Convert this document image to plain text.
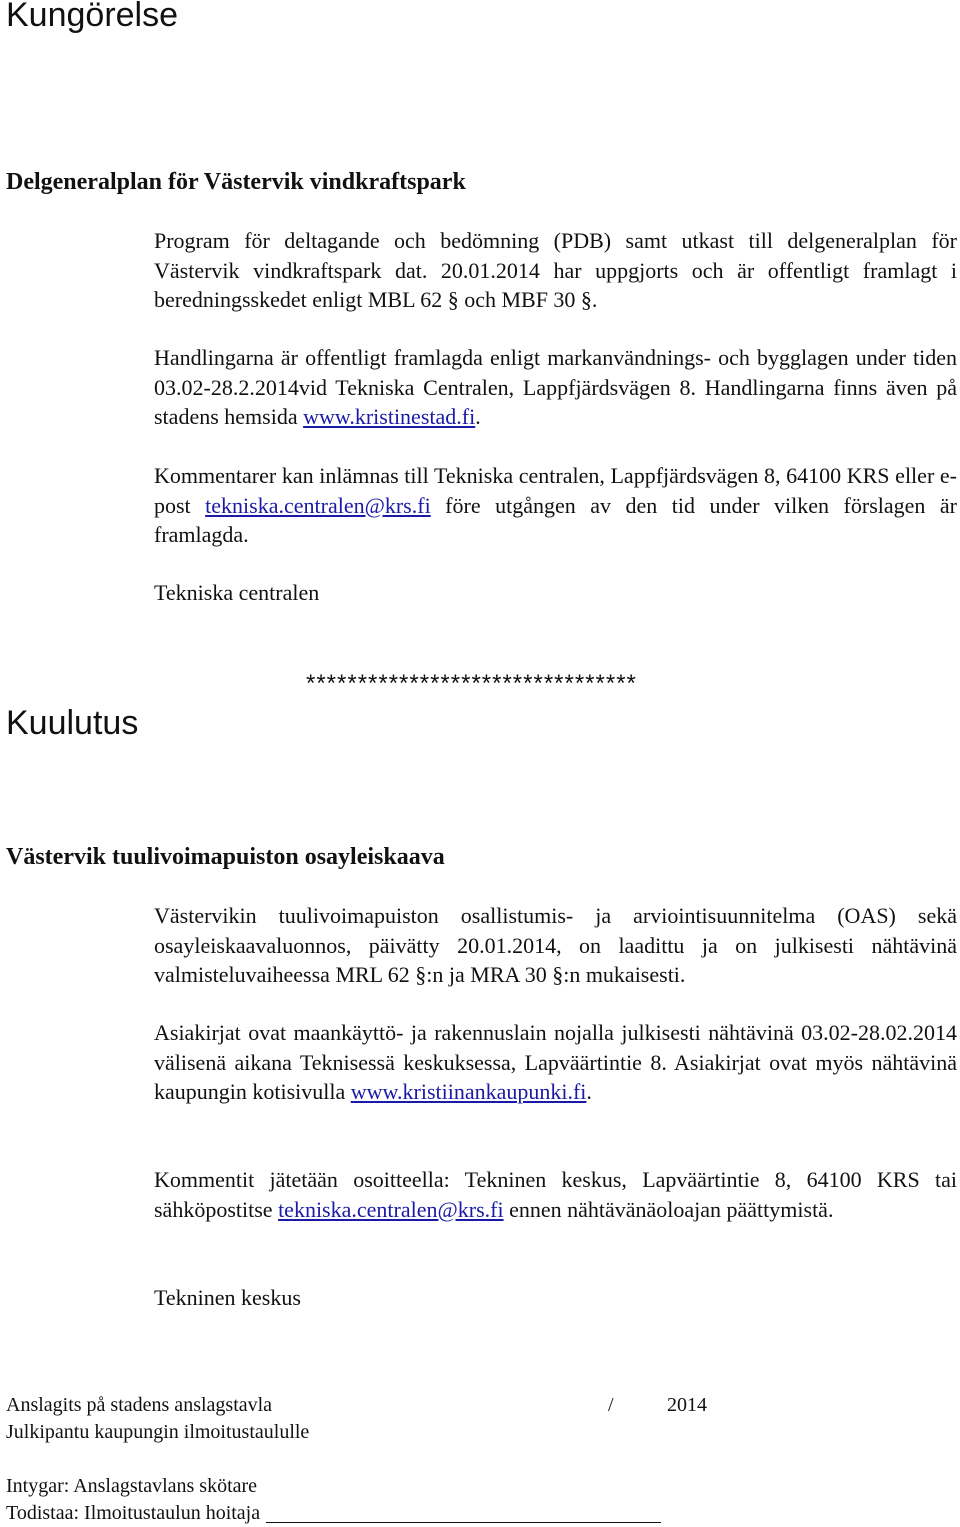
Kungörelse
Delgeneralplan för Västervik vindkraftspark
Program för deltagande och bedömning (PDB) samt utkast till delgeneralplan för Västervik vindkraftspark dat. 20.01.2014 har uppgjorts och är offentligt framlagt i beredningsskedet enligt MBL 62 § och MBF 30 §.
Handlingarna är offentligt framlagda enligt markanvändnings- och bygglagen under tiden 03.02-28.2.2014vid Tekniska Centralen, Lappfjärdsvägen 8. Handlingarna finns även på stadens hemsida www.kristinestad.fi.
Kommentarer kan inlämnas till Tekniska centralen, Lappfjärdsvägen 8, 64100 KRS eller e-post tekniska.centralen@krs.fi före utgången av den tid under vilken förslagen är framlagda.
Tekniska centralen
********************************
Kuulutus
Västervik tuulivoimapuiston osayleiskaava
Västervikin tuulivoimapuiston osallistumis- ja arviointisuunnitelma (OAS) sekä osayleiskaavaluonnos, päivätty 20.01.2014, on laadittu ja on julkisesti nähtävinä valmisteluvaiheessa MRL 62 §:n ja MRA 30 §:n mukaisesti.
Asiakirjat ovat maankäyttö- ja rakennuslain nojalla julkisesti nähtävinä 03.02-28.02.2014 välisenä aikana Teknisessä keskuksessa, Lapväärtintie 8. Asiakirjat ovat myös nähtävinä kaupungin kotisivulla www.kristiinankaupunki.fi.
Kommentit jätetään osoitteella: Tekninen keskus, Lapväärtintie 8, 64100 KRS tai sähköpostitse tekniska.centralen@krs.fi ennen nähtävänäoloajan päättymistä.
Tekninen keskus
Anslagits på stadens anslagstavla	/	2014
Julkipantu kaupungin ilmoitustaululle
Intygar: Anslagstavlans skötare
Todistaa: Ilmoitustaulun hoitaja
